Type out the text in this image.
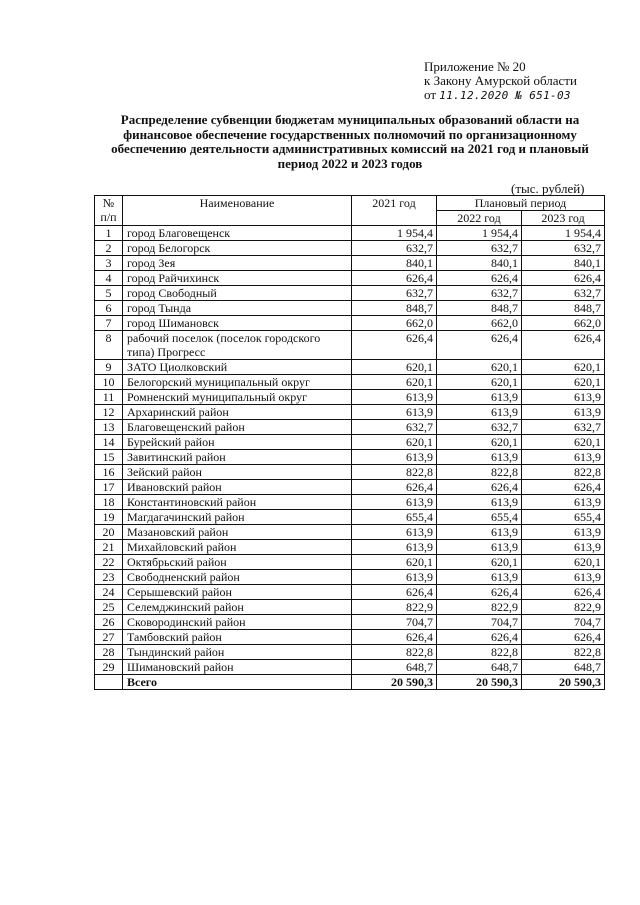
Приложение № 20
к Закону Амурской области
от 11.12.2020 № 651-03
Распределение субвенции бюджетам муниципальных образований области на финансовое обеспечение государственных полномочий по организационному обеспечению деятельности административных комиссий на 2021 год и плановый период 2022 и 2023 годов
(тыс. рублей)
№
п/п	Наименование	2021 год	Плановый период	
			2022 год	2023 год
1	город Благовещенск	1 954,4	1 954,4	1 954,4
2	город Белогорск	632,7	632,7	632,7
3	город Зея	840,1	840,1	840,1
4	город Райчихинск	626,4	626,4	626,4
5	город Свободный	632,7	632,7	632,7
6	город Тында	848,7	848,7	848,7
7	город Шимановск	662,0	662,0	662,0
8	рабочий поселок (поселок городского типа) Прогресс	626,4	626,4	626,4
9	ЗАТО Циолковский	620,1	620,1	620,1
10	Белогорский муниципальный округ	620,1	620,1	620,1
11	Ромненский муниципальный округ	613,9	613,9	613,9
12	Архаринский район	613,9	613,9	613,9
13	Благовещенский район	632,7	632,7	632,7
14	Бурейский район	620,1	620,1	620,1
15	Завитинский район	613,9	613,9	613,9
16	Зейский район	822,8	822,8	822,8
17	Ивановский район	626,4	626,4	626,4
18	Константиновский район	613,9	613,9	613,9
19	Магдагачинский район	655,4	655,4	655,4
20	Мазановский район	613,9	613,9	613,9
21	Михайловский район	613,9	613,9	613,9
22	Октябрьский район	620,1	620,1	620,1
23	Свободненский район	613,9	613,9	613,9
24	Серышевский район	626,4	626,4	626,4
25	Селемджинский район	822,9	822,9	822,9
26	Сковородинский район	704,7	704,7	704,7
27	Тамбовский район	626,4	626,4	626,4
28	Тындинский район	822,8	822,8	822,8
29	Шимановский район	648,7	648,7	648,7
	Всего	20 590,3	20 590,3	20 590,3
